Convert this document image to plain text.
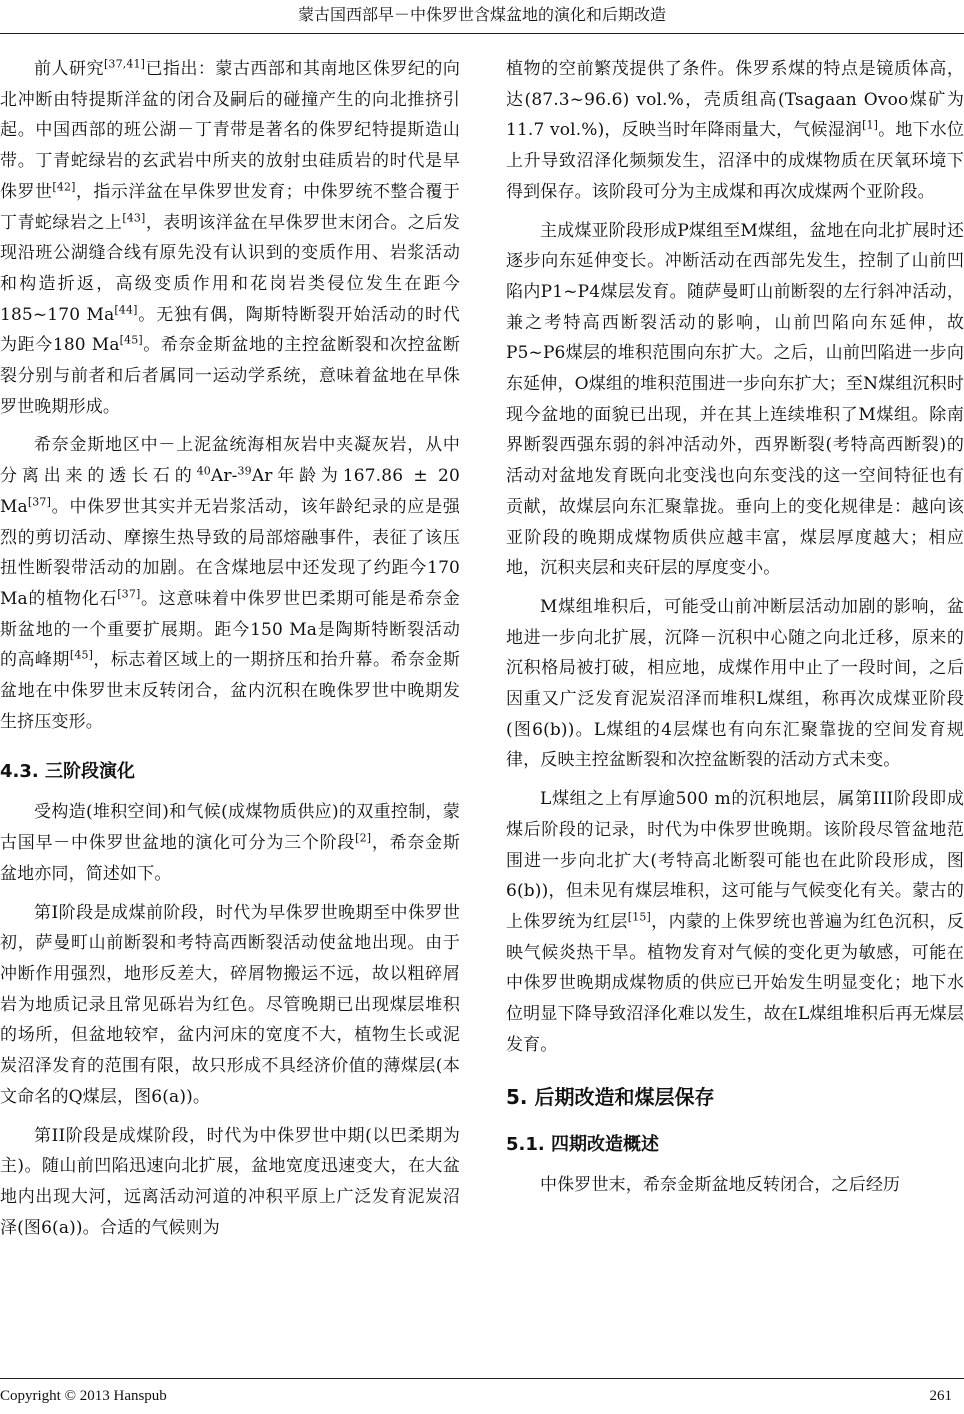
蒙古国西部早－中侏罗世含煤盆地的演化和后期改造

前人研究[37,41]已指出：蒙古西部和其南地区侏罗纪的向北冲断由特提斯洋盆的闭合及嗣后的碰撞产生的向北推挤引起。中国西部的班公湖－丁青带是著名的侏罗纪特提斯造山带。丁青蛇绿岩的玄武岩中所夹的放射虫硅质岩的时代是早侏罗世[42]，指示洋盆在早侏罗世发育；中侏罗统不整合覆于丁青蛇绿岩之上[43]，表明该洋盆在早侏罗世末闭合。之后发现沿班公湖缝合线有原先没有认识到的变质作用、岩浆活动和构造折返，高级变质作用和花岗岩类侵位发生在距今185~170 Ma[44]。无独有偶，陶斯特断裂开始活动的时代为距今180 Ma[45]。希奈金斯盆地的主控盆断裂和次控盆断裂分别与前者和后者属同一运动学系统，意味着盆地在早侏罗世晚期形成。

希奈金斯地区中－上泥盆统海相灰岩中夹凝灰岩，从中分离出来的透长石的$^{40}$Ar-$^{39}$Ar年龄为167.86 ± 20 Ma[37]。中侏罗世其实并无岩浆活动，该年龄纪录的应是强烈的剪切活动、摩擦生热导致的局部熔融事件，表征了该压扭性断裂带活动的加剧。在含煤地层中还发现了约距今170 Ma的植物化石[37]。这意味着中侏罗世巴柔期可能是希奈金斯盆地的一个重要扩展期。距今150 Ma是陶斯特断裂活动的高峰期[45]，标志着区域上的一期挤压和抬升幕。希奈金斯盆地在中侏罗世末反转闭合，盆内沉积在晚侏罗世中晚期发生挤压变形。

4.3. 三阶段演化

受构造(堆积空间)和气候(成煤物质供应)的双重控制，蒙古国早－中侏罗世盆地的演化可分为三个阶段[2]，希奈金斯盆地亦同，简述如下。

第I阶段是成煤前阶段，时代为早侏罗世晚期至中侏罗世初，萨曼町山前断裂和考特高西断裂活动使盆地出现。由于冲断作用强烈，地形反差大，碎屑物搬运不远，故以粗碎屑岩为地质记录且常见砾岩为红色。尽管晚期已出现煤层堆积的场所，但盆地较窄，盆内河床的宽度不大，植物生长或泥炭沼泽发育的范围有限，故只形成不具经济价值的薄煤层(本文命名的Q煤层，图6(a))。

第II阶段是成煤阶段，时代为中侏罗世中期(以巴柔期为主)。随山前凹陷迅速向北扩展，盆地宽度迅速变大，在大盆地内出现大河，远离活动河道的冲积平原上广泛发育泥炭沼泽(图6(a))。合适的气候则为

植物的空前繁茂提供了条件。侏罗系煤的特点是镜质体高，达(87.3~96.6) vol.%，壳质组高(Tsagaan Ovoo煤矿为11.7 vol.%)，反映当时年降雨量大，气候湿润[1]。地下水位上升导致沼泽化频频发生，沼泽中的成煤物质在厌氧环境下得到保存。该阶段可分为主成煤和再次成煤两个亚阶段。

主成煤亚阶段形成P煤组至M煤组，盆地在向北扩展时还逐步向东延伸变长。冲断活动在西部先发生，控制了山前凹陷内P1~P4煤层发育。随萨曼町山前断裂的左行斜冲活动，兼之考特高西断裂活动的影响，山前凹陷向东延伸，故P5~P6煤层的堆积范围向东扩大。之后，山前凹陷进一步向东延伸，O煤组的堆积范围进一步向东扩大；至N煤组沉积时现今盆地的面貌已出现，并在其上连续堆积了M煤组。除南界断裂西强东弱的斜冲活动外，西界断裂(考特高西断裂)的活动对盆地发育既向北变浅也向东变浅的这一空间特征也有贡献，故煤层向东汇聚靠拢。垂向上的变化规律是：越向该亚阶段的晚期成煤物质供应越丰富，煤层厚度越大；相应地，沉积夹层和夹矸层的厚度变小。

M煤组堆积后，可能受山前冲断层活动加剧的影响，盆地进一步向北扩展，沉降－沉积中心随之向北迁移，原来的沉积格局被打破，相应地，成煤作用中止了一段时间，之后因重又广泛发育泥炭沼泽而堆积L煤组，称再次成煤亚阶段(图6(b))。L煤组的4层煤也有向东汇聚靠拢的空间发育规律，反映主控盆断裂和次控盆断裂的活动方式未变。

L煤组之上有厚逾500 m的沉积地层，属第III阶段即成煤后阶段的记录，时代为中侏罗世晚期。该阶段尽管盆地范围进一步向北扩大(考特高北断裂可能也在此阶段形成，图6(b))，但未见有煤层堆积，这可能与气候变化有关。蒙古的上侏罗统为红层[15]，内蒙的上侏罗统也普遍为红色沉积，反映气候炎热干旱。植物发育对气候的变化更为敏感，可能在中侏罗世晚期成煤物质的供应已开始发生明显变化；地下水位明显下降导致沼泽化难以发生，故在L煤组堆积后再无煤层发育。

5. 后期改造和煤层保存
5.1. 四期改造概述

中侏罗世末，希奈金斯盆地反转闭合，之后经历

Copyright © 2013 Hanspub	261
